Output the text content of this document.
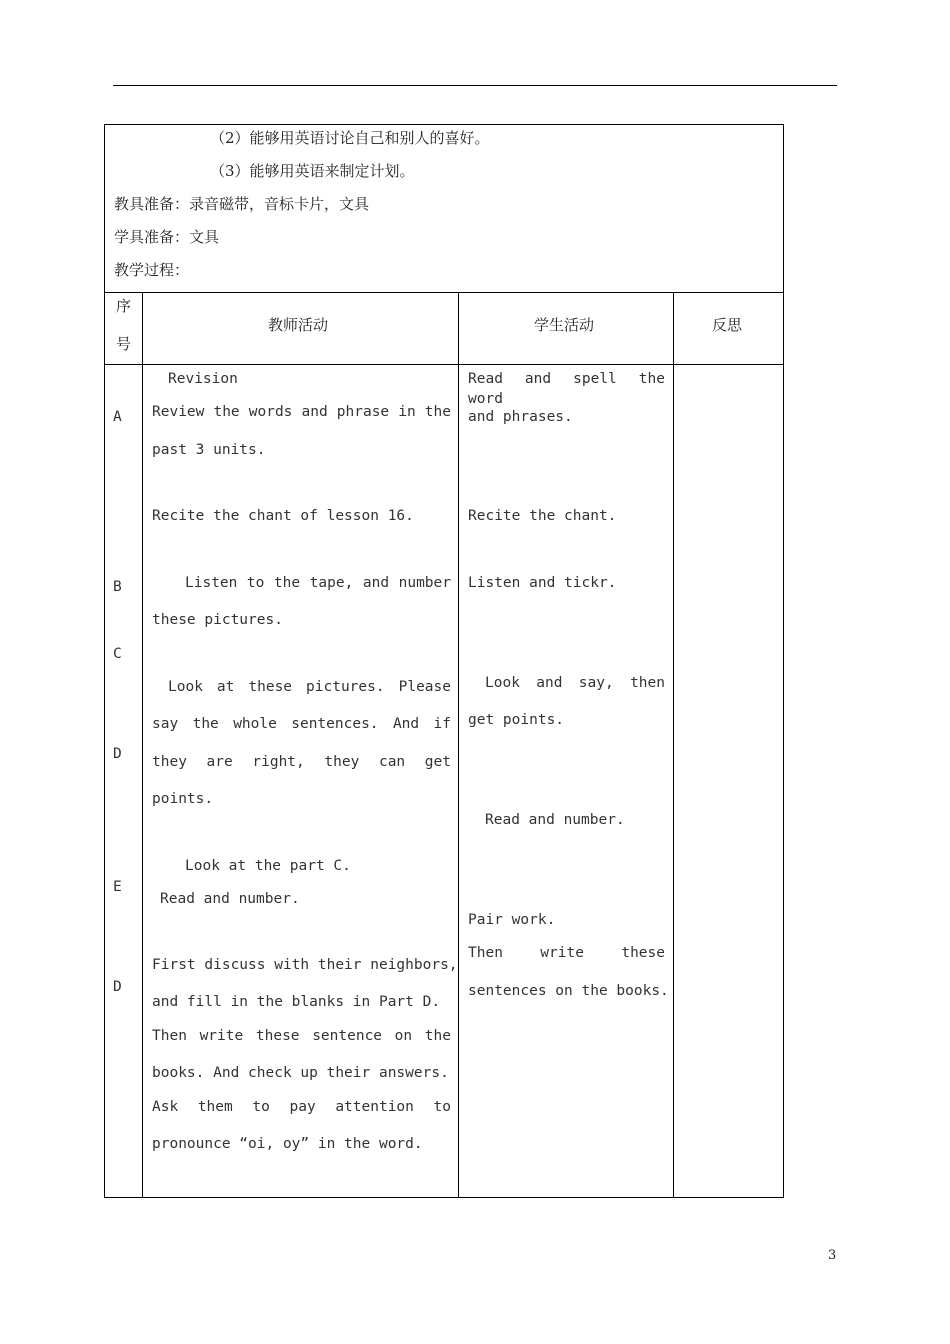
（2）能够用英语讨论自己和别人的喜好。
（3）能够用英语来制定计划。
教具准备：录音磁带，音标卡片，文具
学具准备：文具
教学过程：
序
号
教师活动	学生活动	反思
A
B
C
D
E
D
Revision
Review the words and phrase in the
past 3 units.
Recite the chant of lesson 16.
Listen to the tape, and number
these pictures.
Look at these pictures. Please
say the whole sentences. And if
they are right, they can get
points.
Look at the part C.
Read and number.
First discuss with their neighbors,
and fill in the blanks in Part D.
Then write these sentence on the
books. And check up their answers.
Ask them to pay attention to
pronounce “oi, oy” in the word.
Read and spell the word
and phrases.
Recite the chant.
Listen and tickr.
Look and say, then
get points.
Read and number.
Pair work.
Then write these
sentences on the books.
3
